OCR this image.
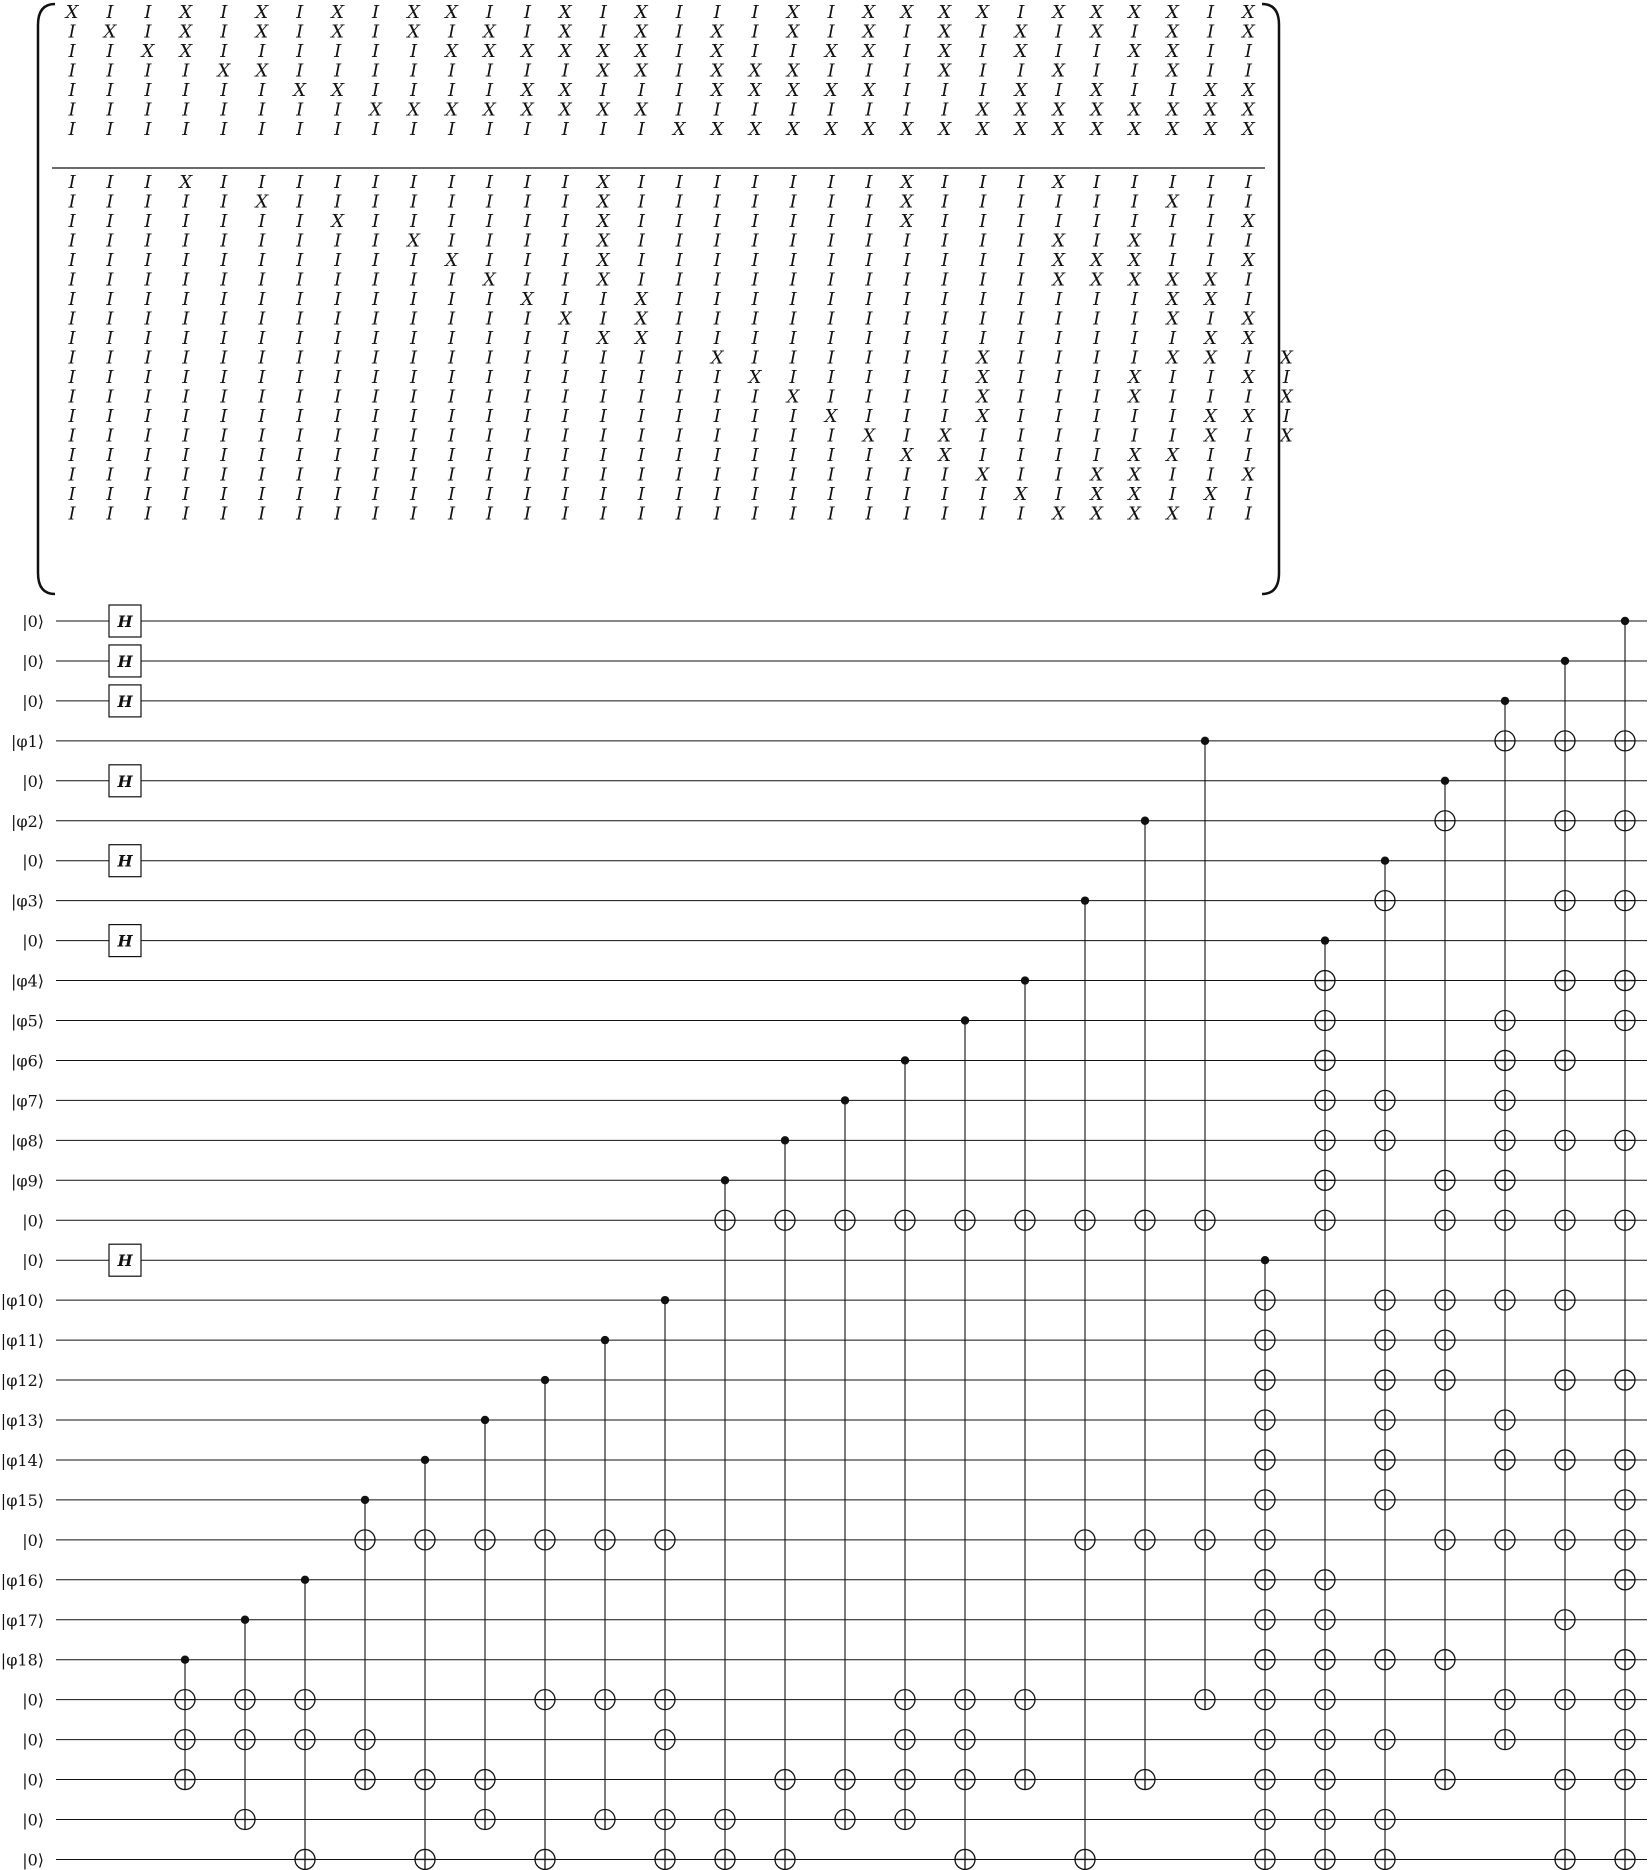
X I I X I X I X I X X I I X I X I I I X I X X X X I X X X X I X
I X I X I X I X I X I X I X I X I X I X I X I X I X I X I X I X
I I X X I I I I I I X X X X X X I X I I X X I X I X I I X X I I
I I I I X X I I I I I I I I X X I X X X I I I X I I X I I X I I
I I I I I I X X I I I I X X I I I X X X X X I I I X I X I I X X
I I I I I I I I X X X X X X X X I I I I I I I I X X X X X X X X
I I I I I I I I I I I I I I I I X X X X X X X X X X X X X X X X
I I I X I I I I I I I I I I X I I I I I I I X I I I X I I I I I
I I I I I X I I I I I I I I X I I I I I I I X I I I I I I X I I
I I I I I I I X I I I I I I X I I I I I I I X I I I I I I I I X
I I I I I I I I I X I I I I X I I I I I I I I I I I X I X I I I
I I I I I I I I I I X I I I X I I I I I I I I I I I X X X I I X
I I I I I I I I I I I X I I X I I I I I I I I I I I X X X X X I
I I I I I I I I I I I I X I I X I I I I I I I I I I I I I X X I
I I I I I I I I I I I I I X I X I I I I I I I I I I I I I X I X
I I I I I I I I I I I I I I X X I I I I I I I I I I I I I I X X
I I I I I I I I I I I I I I I I I X I I I I I I X I I I I X X I X
I I I I I I I I I I I I I I I I I I X I I I I I X I I I X I I X I
I I I I I I I I I I I I I I I I I I I X I I I I X I I I X I I I X
I I I I I I I I I I I I I I I I I I I I X I I I X I I I I I X X I
I I I I I I I I I I I I I I I I I I I I I X I X I I I I I I X I X
I I I I I I I I I I I I I I I I I I I I I I X X I I I I X X I I
I I I I I I I I I I I I I I I I I I I I I I I I X I I X X I I X
I I I I I I I I I I I I I I I I I I I I I I I I I X I X X I X I
I I I I I I I I I I I I I I I I I I I I I I I I I I X X X X I I
H
H
H
H
H
H
H
|0⟩
|0⟩
|0⟩
|φ1⟩
|0⟩
|φ2⟩
|0⟩
|φ3⟩
|0⟩
|φ4⟩
|φ5⟩
|φ6⟩
|φ7⟩
|φ8⟩
|φ9⟩
|0⟩
|0⟩
|φ10⟩
|φ11⟩
|φ12⟩
|φ13⟩
|φ14⟩
|φ15⟩
|0⟩
|φ16⟩
|φ17⟩
|φ18⟩
|0⟩
|0⟩
|0⟩
|0⟩
|0⟩
